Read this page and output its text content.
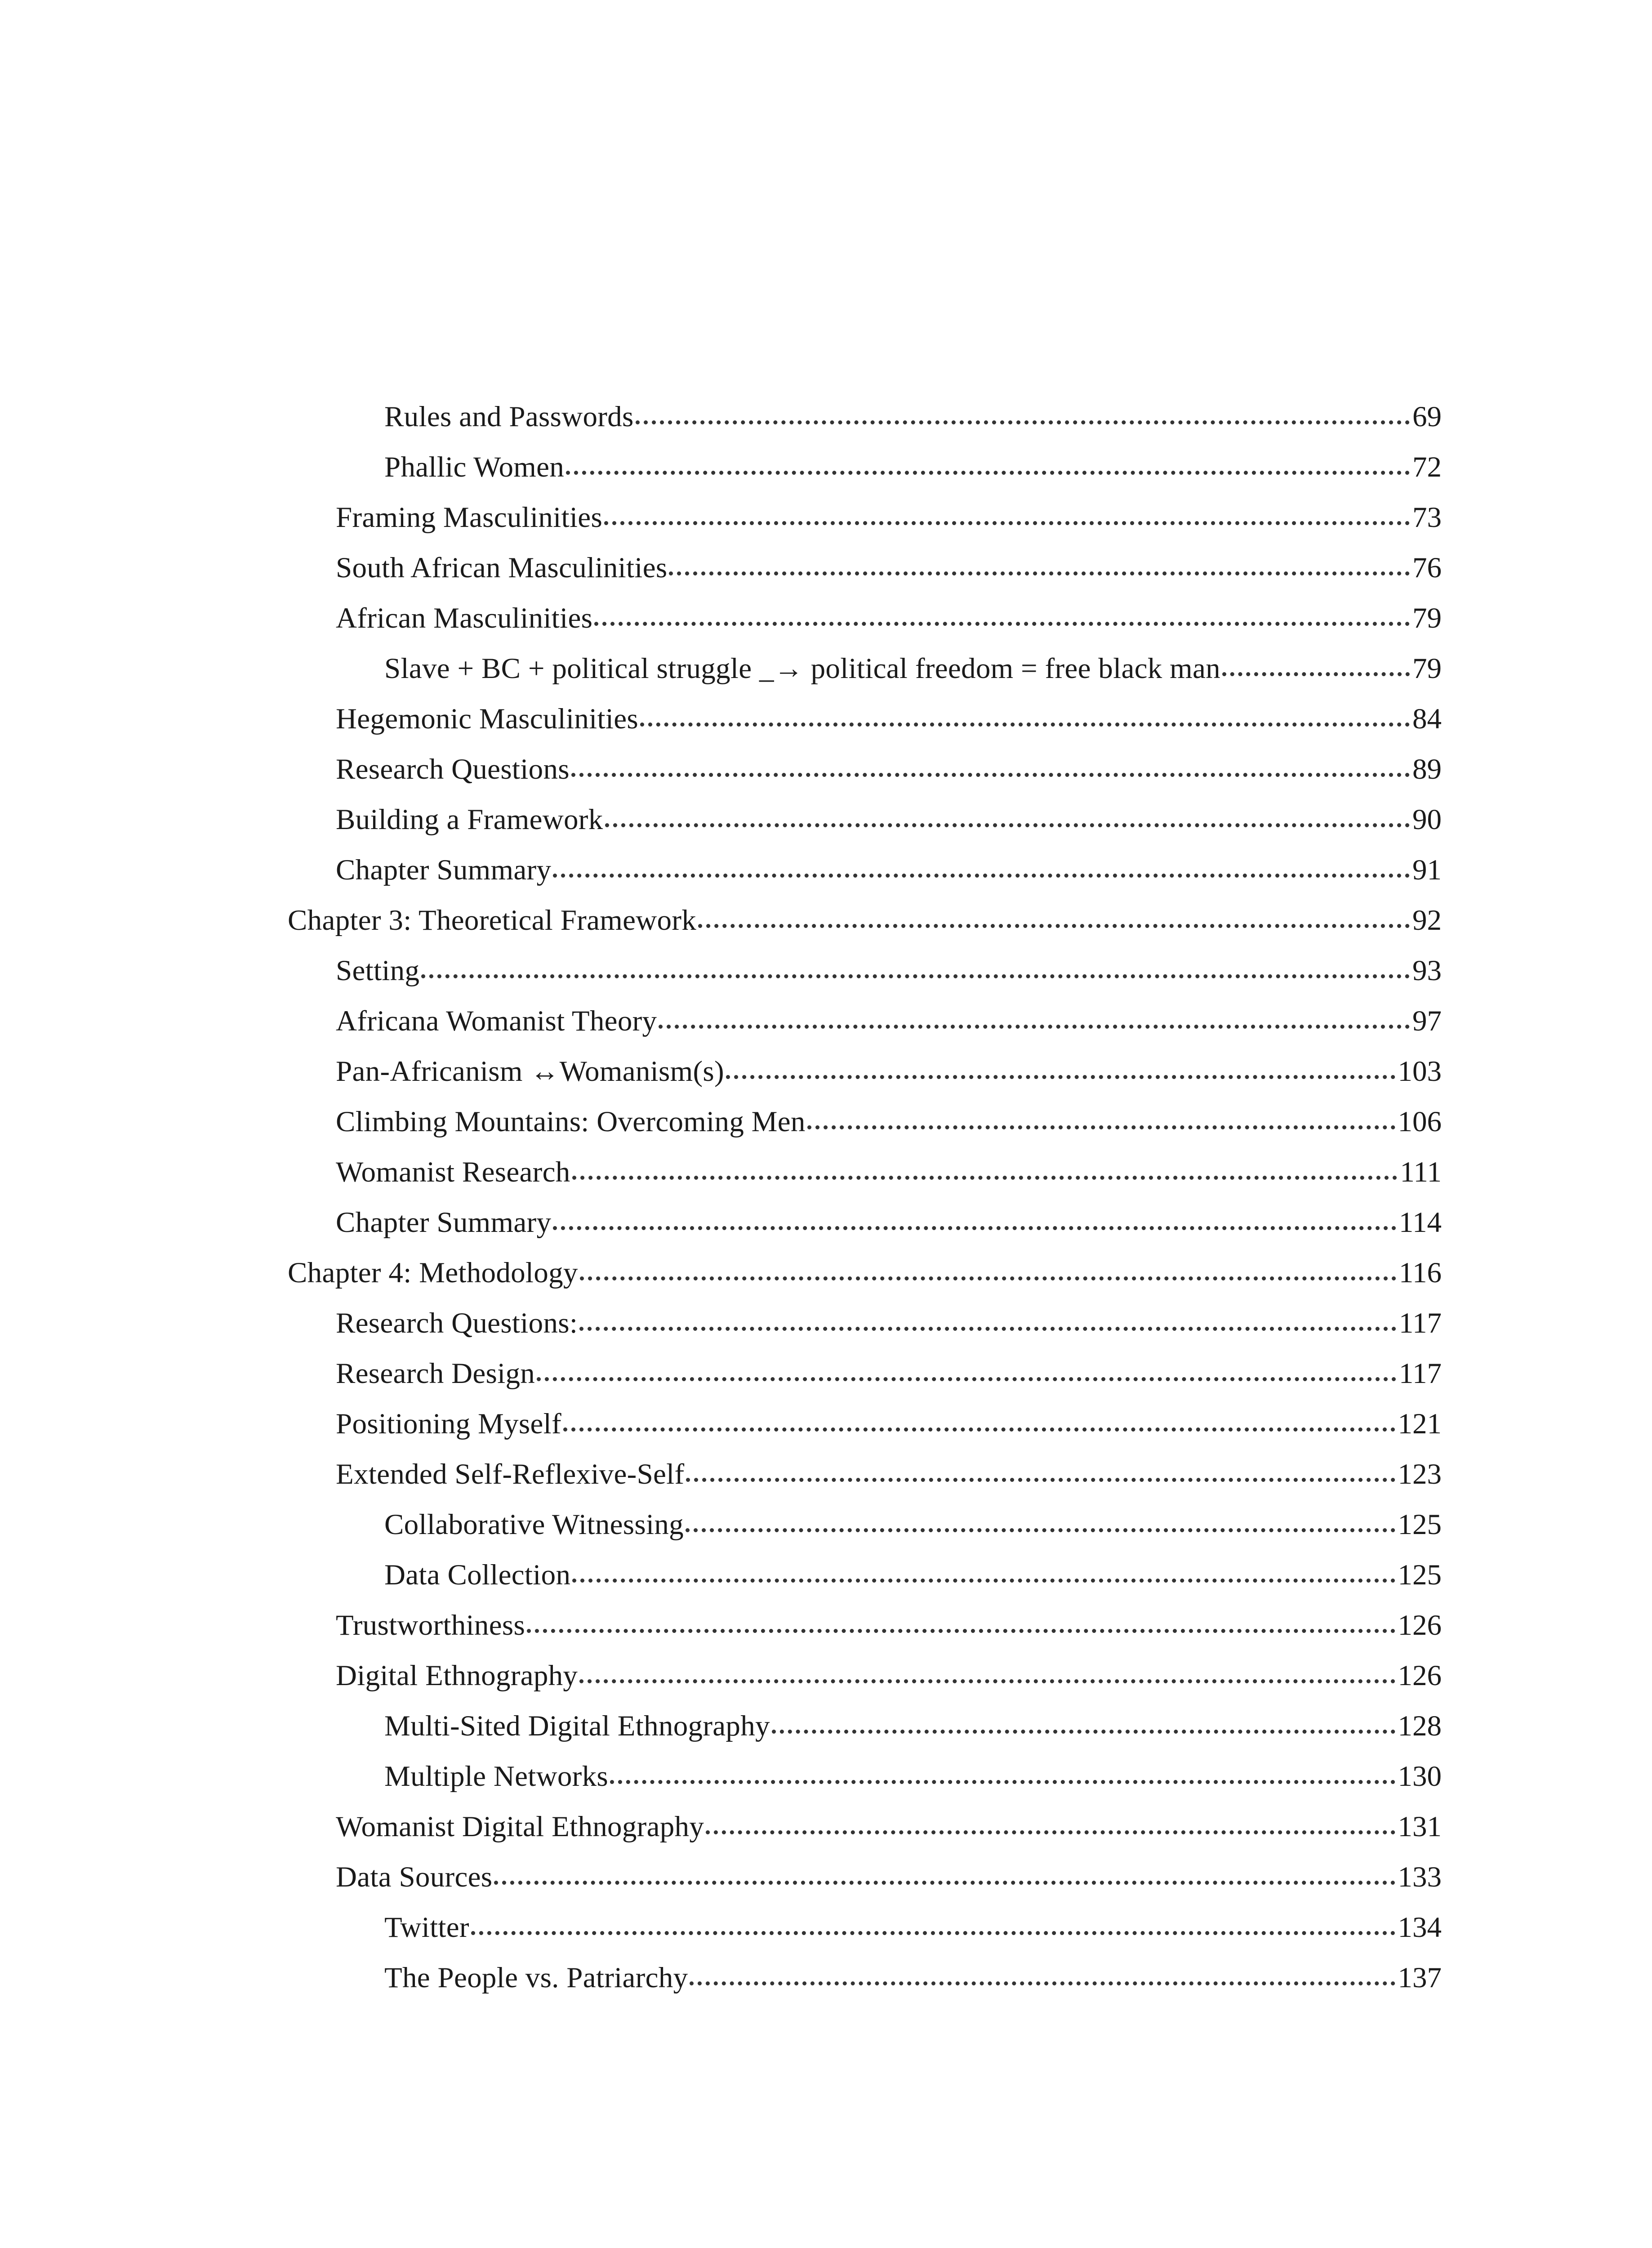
Rules and Passwords	69
Phallic Women	72
Framing Masculinities	73
South African Masculinities	76
African Masculinities	79
Slave + BC + political struggle _→ political freedom = free black man	79
Hegemonic Masculinities	84
Research Questions	89
Building a Framework	90
Chapter Summary	91
Chapter 3: Theoretical Framework	92
Setting	93
Africana Womanist Theory	97
Pan-Africanism ↔Womanism(s)	103
Climbing Mountains: Overcoming Men	106
Womanist Research	111
Chapter Summary	114
Chapter 4: Methodology	116
Research Questions:	117
Research Design	117
Positioning Myself	121
Extended Self-Reflexive-Self	123
Collaborative Witnessing	125
Data Collection	125
Trustworthiness	126
Digital Ethnography	126
Multi-Sited Digital Ethnography	128
Multiple Networks	130
Womanist Digital Ethnography	131
Data Sources	133
Twitter	134
The People vs. Patriarchy	137
